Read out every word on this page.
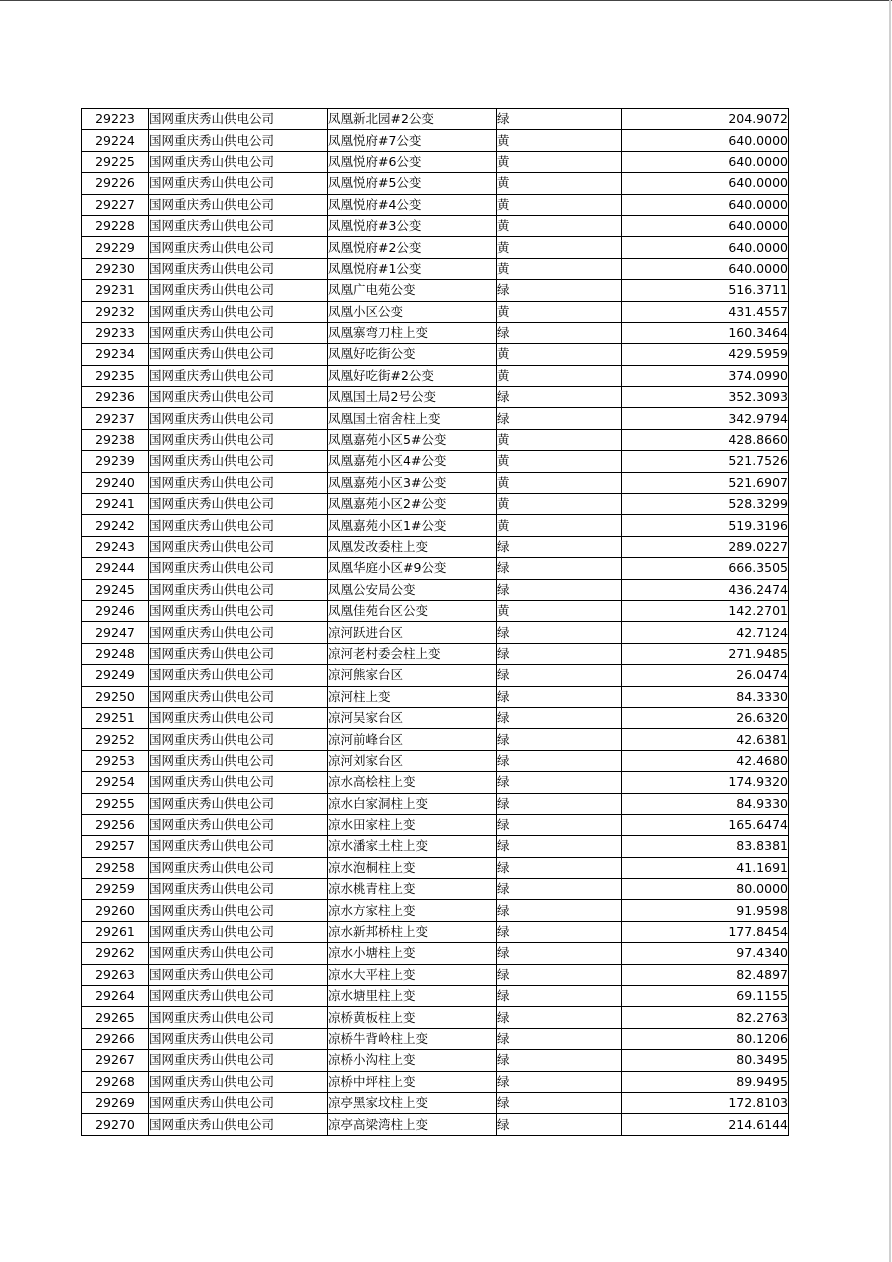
29223	国网重庆秀山供电公司	凤凰新北园#2公变	绿	204.9072
29224	国网重庆秀山供电公司	凤凰悦府#7公变	黄	640.0000
29225	国网重庆秀山供电公司	凤凰悦府#6公变	黄	640.0000
29226	国网重庆秀山供电公司	凤凰悦府#5公变	黄	640.0000
29227	国网重庆秀山供电公司	凤凰悦府#4公变	黄	640.0000
29228	国网重庆秀山供电公司	凤凰悦府#3公变	黄	640.0000
29229	国网重庆秀山供电公司	凤凰悦府#2公变	黄	640.0000
29230	国网重庆秀山供电公司	凤凰悦府#1公变	黄	640.0000
29231	国网重庆秀山供电公司	凤凰广电苑公变	绿	516.3711
29232	国网重庆秀山供电公司	凤凰小区公变	黄	431.4557
29233	国网重庆秀山供电公司	凤凰寨弯刀柱上变	绿	160.3464
29234	国网重庆秀山供电公司	凤凰好吃街公变	黄	429.5959
29235	国网重庆秀山供电公司	凤凰好吃街#2公变	黄	374.0990
29236	国网重庆秀山供电公司	凤凰国土局2号公变	绿	352.3093
29237	国网重庆秀山供电公司	凤凰国土宿舍柱上变	绿	342.9794
29238	国网重庆秀山供电公司	凤凰嘉苑小区5#公变	黄	428.8660
29239	国网重庆秀山供电公司	凤凰嘉苑小区4#公变	黄	521.7526
29240	国网重庆秀山供电公司	凤凰嘉苑小区3#公变	黄	521.6907
29241	国网重庆秀山供电公司	凤凰嘉苑小区2#公变	黄	528.3299
29242	国网重庆秀山供电公司	凤凰嘉苑小区1#公变	黄	519.3196
29243	国网重庆秀山供电公司	凤凰发改委柱上变	绿	289.0227
29244	国网重庆秀山供电公司	凤凰华庭小区#9公变	绿	666.3505
29245	国网重庆秀山供电公司	凤凰公安局公变	绿	436.2474
29246	国网重庆秀山供电公司	凤凰佳苑台区公变	黄	142.2701
29247	国网重庆秀山供电公司	凉河跃进台区	绿	42.7124
29248	国网重庆秀山供电公司	凉河老村委会柱上变	绿	271.9485
29249	国网重庆秀山供电公司	凉河熊家台区	绿	26.0474
29250	国网重庆秀山供电公司	凉河柱上变	绿	84.3330
29251	国网重庆秀山供电公司	凉河吴家台区	绿	26.6320
29252	国网重庆秀山供电公司	凉河前峰台区	绿	42.6381
29253	国网重庆秀山供电公司	凉河刘家台区	绿	42.4680
29254	国网重庆秀山供电公司	凉水高桧柱上变	绿	174.9320
29255	国网重庆秀山供电公司	凉水白家洞柱上变	绿	84.9330
29256	国网重庆秀山供电公司	凉水田家柱上变	绿	165.6474
29257	国网重庆秀山供电公司	凉水潘家土柱上变	绿	83.8381
29258	国网重庆秀山供电公司	凉水泡桐柱上变	绿	41.1691
29259	国网重庆秀山供电公司	凉水桃青柱上变	绿	80.0000
29260	国网重庆秀山供电公司	凉水方家柱上变	绿	91.9598
29261	国网重庆秀山供电公司	凉水新邦桥柱上变	绿	177.8454
29262	国网重庆秀山供电公司	凉水小塘柱上变	绿	97.4340
29263	国网重庆秀山供电公司	凉水大平柱上变	绿	82.4897
29264	国网重庆秀山供电公司	凉水塘里柱上变	绿	69.1155
29265	国网重庆秀山供电公司	凉桥黄板柱上变	绿	82.2763
29266	国网重庆秀山供电公司	凉桥牛背岭柱上变	绿	80.1206
29267	国网重庆秀山供电公司	凉桥小沟柱上变	绿	80.3495
29268	国网重庆秀山供电公司	凉桥中坪柱上变	绿	89.9495
29269	国网重庆秀山供电公司	凉亭黑家坟柱上变	绿	172.8103
29270	国网重庆秀山供电公司	凉亭高梁湾柱上变	绿	214.6144
